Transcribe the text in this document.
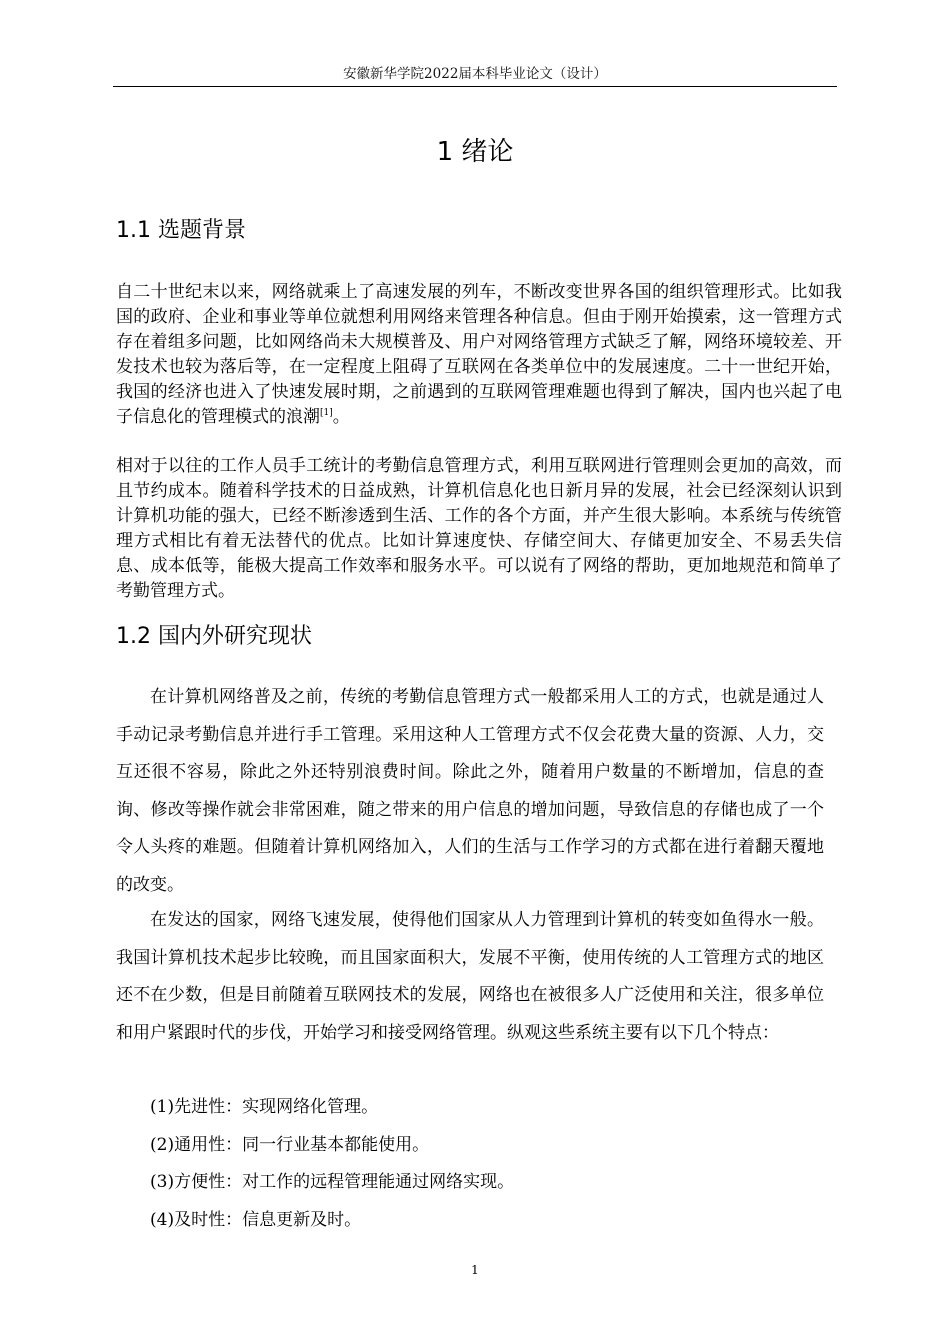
安徽新华学院2022届本科毕业论文（设计）
1 绪论
1.1 选题背景

自二十世纪末以来，网络就乘上了高速发展的列车，不断改变世界各国的组织管理形式。比如我国的政府、企业和事业等单位就想利用网络来管理各种信息。但由于刚开始摸索，这一管理方式存在着组多问题，比如网络尚未大规模普及、用户对网络管理方式缺乏了解，网络环境较差、开发技术也较为落后等，在一定程度上阻碍了互联网在各类单位中的发展速度。二十一世纪开始，我国的经济也进入了快速发展时期，之前遇到的互联网管理难题也得到了解决，国内也兴起了电子信息化的管理模式的浪潮[1]。

相对于以往的工作人员手工统计的考勤信息管理方式，利用互联网进行管理则会更加的高效，而且节约成本。随着科学技术的日益成熟，计算机信息化也日新月异的发展，社会已经深刻认识到计算机功能的强大，已经不断渗透到生活、工作的各个方面，并产生很大影响。本系统与传统管理方式相比有着无法替代的优点。比如计算速度快、存储空间大、存储更加安全、不易丢失信息、成本低等，能极大提高工作效率和服务水平。可以说有了网络的帮助，更加地规范和简单了考勤管理方式。

1.2 国内外研究现状

在计算机网络普及之前，传统的考勤信息管理方式一般都采用人工的方式，也就是通过人手动记录考勤信息并进行手工管理。采用这种人工管理方式不仅会花费大量的资源、人力，交互还很不容易，除此之外还特别浪费时间。除此之外，随着用户数量的不断增加，信息的查询、修改等操作就会非常困难，随之带来的用户信息的增加问题，导致信息的存储也成了一个令人头疼的难题。但随着计算机网络加入，人们的生活与工作学习的方式都在进行着翻天覆地的改变。

在发达的国家，网络飞速发展，使得他们国家从人力管理到计算机的转变如鱼得水一般。我国计算机技术起步比较晚，而且国家面积大，发展不平衡，使用传统的人工管理方式的地区还不在少数，但是目前随着互联网技术的发展，网络也在被很多人广泛使用和关注，很多单位和用户紧跟时代的步伐，开始学习和接受网络管理。纵观这些系统主要有以下几个特点：

(1)先进性：实现网络化管理。
(2)通用性：同一行业基本都能使用。
(3)方便性：对工作的远程管理能通过网络实现。
(4)及时性：信息更新及时。
1
